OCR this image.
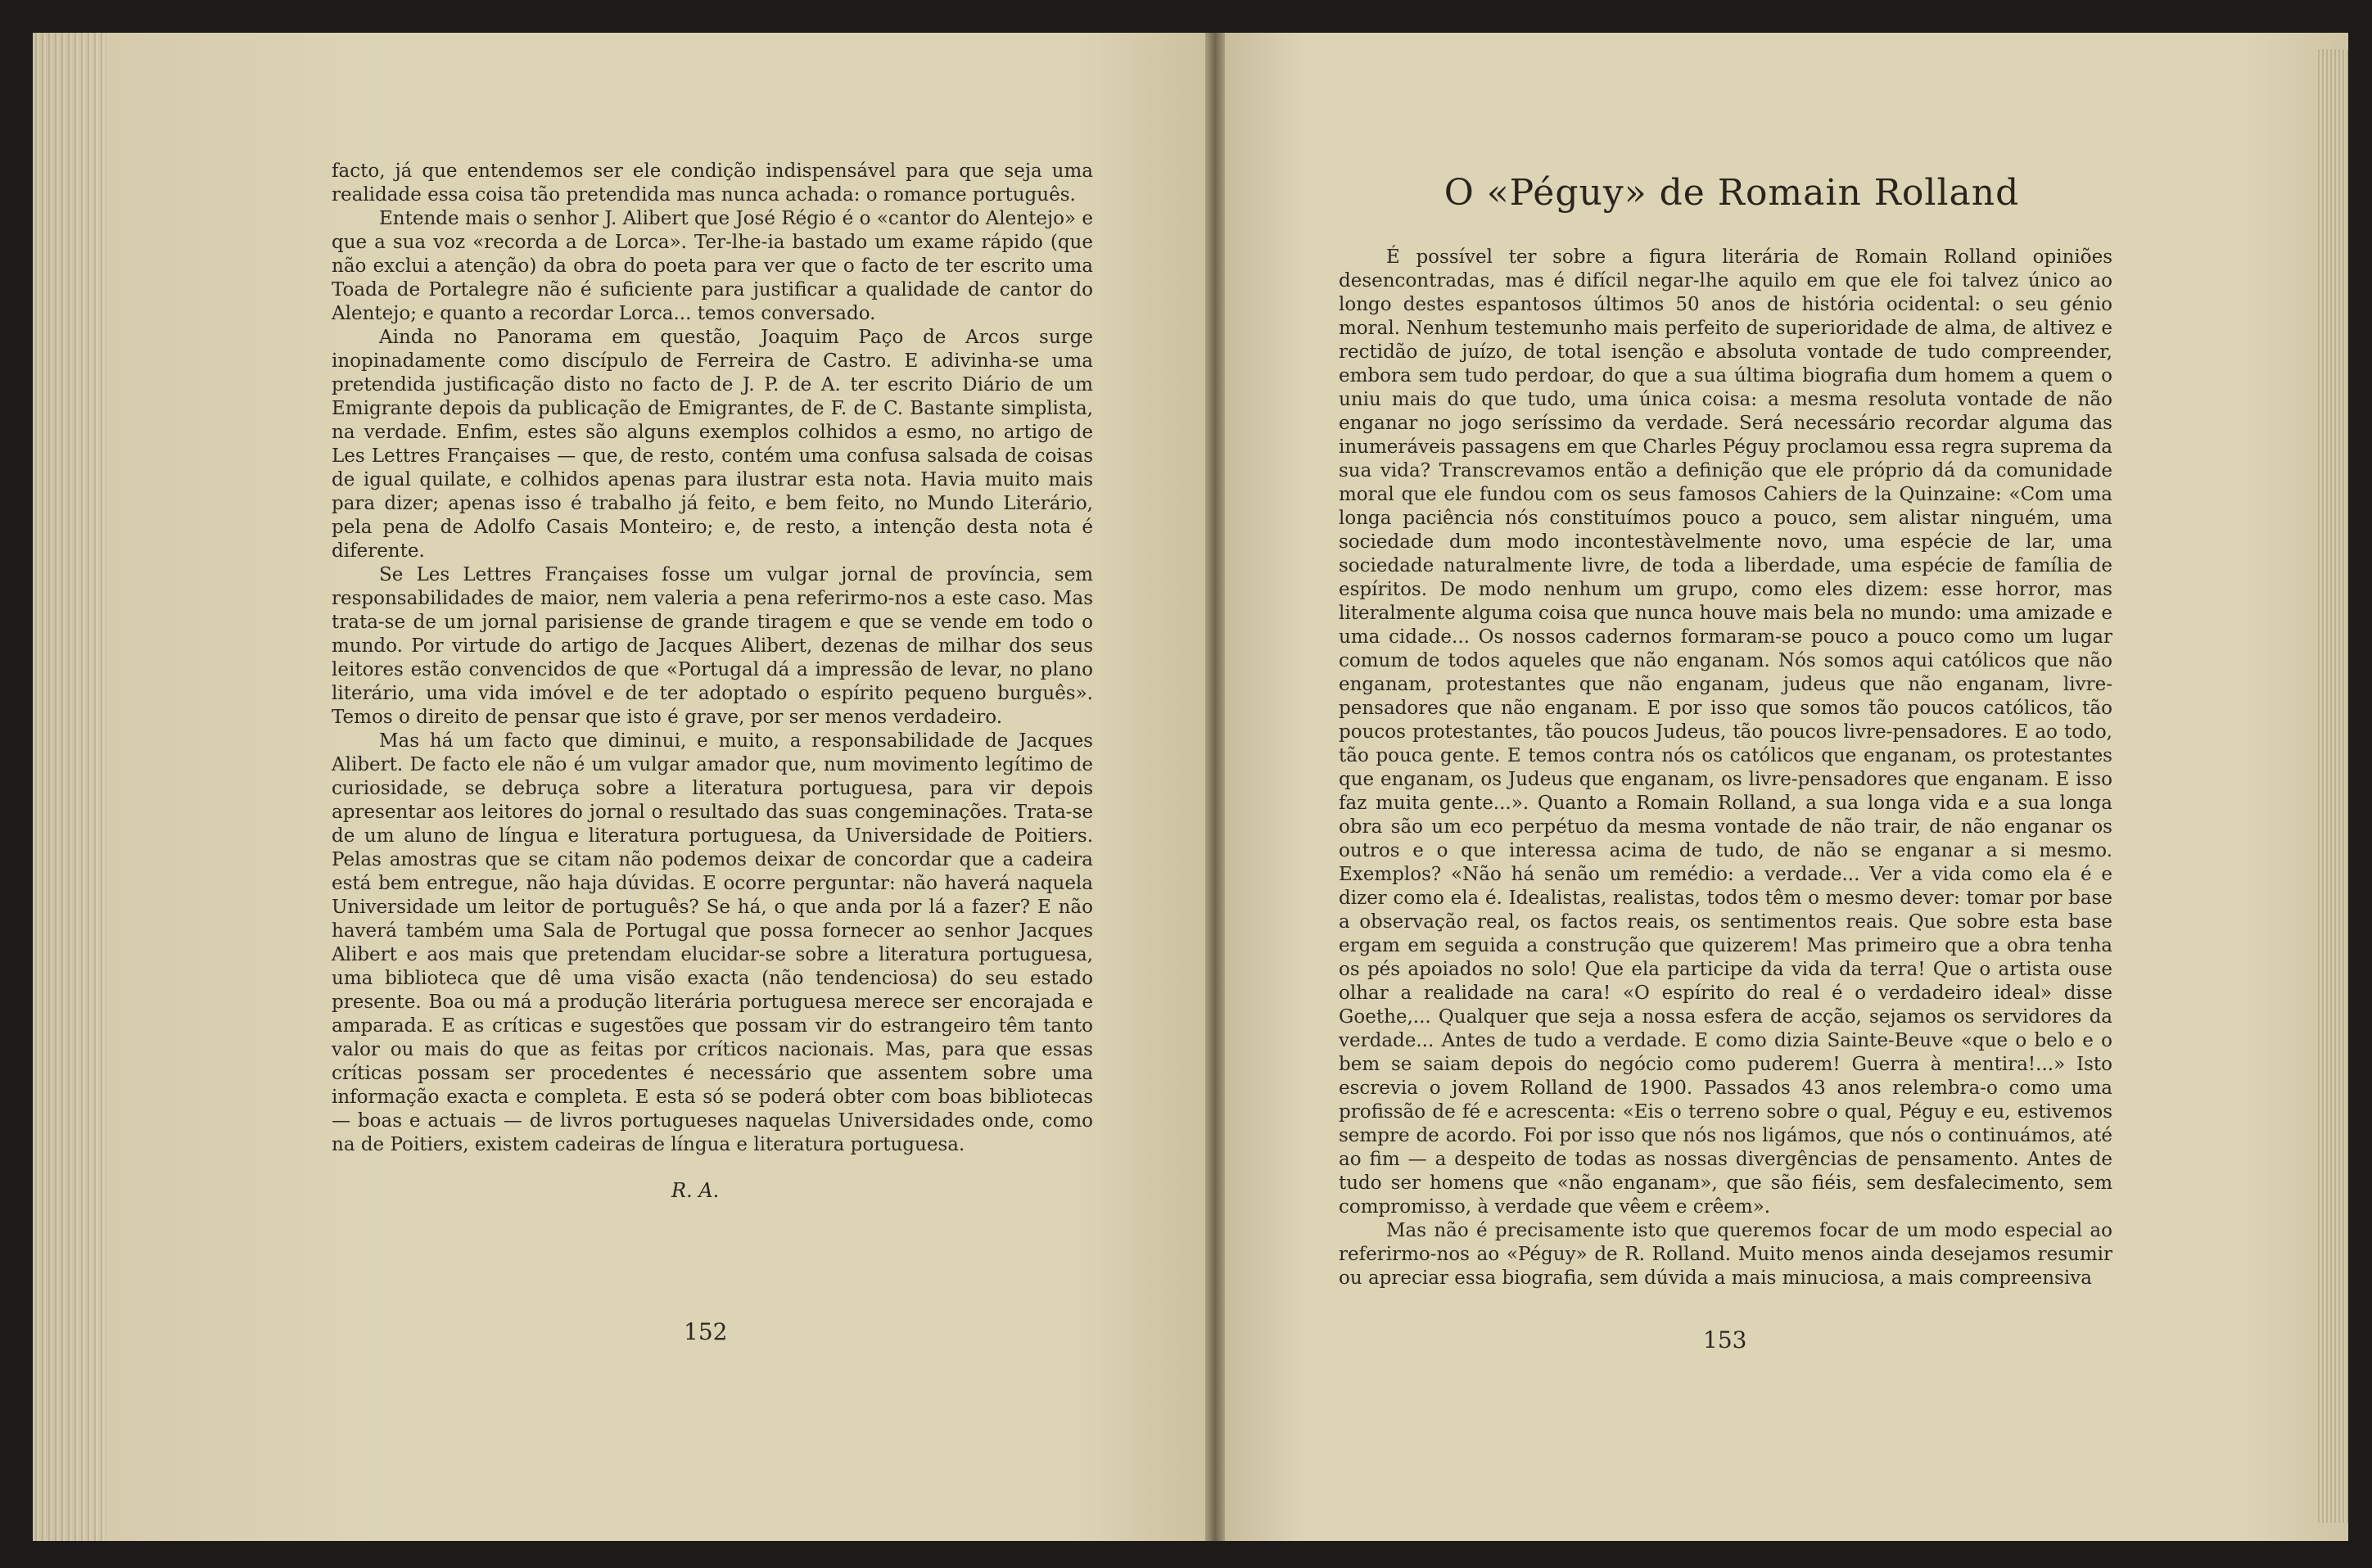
facto, já que entendemos ser ele condição indispensável para que seja uma realidade essa coisa tão pretendida mas nunca achada: o romance português.

Entende mais o senhor J. Alibert que José Régio é o «cantor do Alentejo» e que a sua voz «recorda a de Lorca». Ter-lhe-ia bastado um exame rápido (que não exclui a atenção) da obra do poeta para ver que o facto de ter escrito uma Toada de Portalegre não é suficiente para justificar a qualidade de cantor do Alentejo; e quanto a recordar Lorca... temos conversado.

Ainda no Panorama em questão, Joaquim Paço de Arcos surge inopinadamente como discípulo de Ferreira de Castro. E adivinha-se uma pretendida justificação disto no facto de J. P. de A. ter escrito Diário de um Emigrante depois da publicação de Emigrantes, de F. de C. Bastante simplista, na verdade. Enfim, estes são alguns exemplos colhidos a esmo, no artigo de Les Lettres Françaises — que, de resto, contém uma confusa salsada de coisas de igual quilate, e colhidos apenas para ilustrar esta nota. Havia muito mais para dizer; apenas isso é trabalho já feito, e bem feito, no Mundo Literário, pela pena de Adolfo Casais Monteiro; e, de resto, a intenção desta nota é diferente.

Se Les Lettres Françaises fosse um vulgar jornal de província, sem responsabilidades de maior, nem valeria a pena referirmo-nos a este caso. Mas trata-se de um jornal parisiense de grande tiragem e que se vende em todo o mundo. Por virtude do artigo de Jacques Alibert, dezenas de milhar dos seus leitores estão convencidos de que «Portugal dá a impressão de levar, no plano literário, uma vida imóvel e de ter adoptado o espírito pequeno burguês». Temos o direito de pensar que isto é grave, por ser menos verdadeiro.

Mas há um facto que diminui, e muito, a responsabilidade de Jacques Alibert. De facto ele não é um vulgar amador que, num movimento legítimo de curiosidade, se debruça sobre a literatura portuguesa, para vir depois apresentar aos leitores do jornal o resultado das suas congeminações. Trata-se de um aluno de língua e literatura portuguesa, da Universidade de Poitiers. Pelas amostras que se citam não podemos deixar de concordar que a cadeira está bem entregue, não haja dúvidas. E ocorre perguntar: não haverá naquela Universidade um leitor de português? Se há, o que anda por lá a fazer? E não haverá também uma Sala de Portugal que possa fornecer ao senhor Jacques Alibert e aos mais que pretendam elucidar-se sobre a literatura portuguesa, uma biblioteca que dê uma visão exacta (não tendenciosa) do seu estado presente. Boa ou má a produção literária portuguesa merece ser encorajada e amparada. E as críticas e sugestões que possam vir do estrangeiro têm tanto valor ou mais do que as feitas por críticos nacionais. Mas, para que essas críticas possam ser procedentes é necessário que assentem sobre uma informação exacta e completa. E esta só se poderá obter com boas bibliotecas — boas e actuais — de livros portugueses naquelas Universidades onde, como na de Poitiers, existem cadeiras de língua e literatura portuguesa.

R. A.
152
O «Péguy» de Romain Rolland

É possível ter sobre a figura literária de Romain Rolland opiniões desencontradas, mas é difícil negar-lhe aquilo em que ele foi talvez único ao longo destes espantosos últimos 50 anos de história ocidental: o seu génio moral. Nenhum testemunho mais perfeito de superioridade de alma, de altivez e rectidão de juízo, de total isenção e absoluta vontade de tudo compreender, embora sem tudo perdoar, do que a sua última biografia dum homem a quem o uniu mais do que tudo, uma única coisa: a mesma resoluta vontade de não enganar no jogo seríssimo da verdade. Será necessário recordar alguma das inumeráveis passagens em que Charles Péguy proclamou essa regra suprema da sua vida? Transcrevamos então a definição que ele próprio dá da comunidade moral que ele fundou com os seus famosos Cahiers de la Quinzaine: «Com uma longa paciência nós constituímos pouco a pouco, sem alistar ninguém, uma sociedade dum modo incontestàvelmente novo, uma espécie de lar, uma sociedade naturalmente livre, de toda a liberdade, uma espécie de família de espíritos. De modo nenhum um grupo, como eles dizem: esse horror, mas literalmente alguma coisa que nunca houve mais bela no mundo: uma amizade e uma cidade... Os nossos cadernos formaram-se pouco a pouco como um lugar comum de todos aqueles que não enganam. Nós somos aqui católicos que não enganam, protestantes que não enganam, judeus que não enganam, livre-pensadores que não enganam. E por isso que somos tão poucos católicos, tão poucos protestantes, tão poucos Judeus, tão poucos livre-pensadores. E ao todo, tão pouca gente. E temos contra nós os católicos que enganam, os protestantes que enganam, os Judeus que enganam, os livre-pensadores que enganam. E isso faz muita gente...». Quanto a Romain Rolland, a sua longa vida e a sua longa obra são um eco perpétuo da mesma vontade de não trair, de não enganar os outros e o que interessa acima de tudo, de não se enganar a si mesmo. Exemplos? «Não há senão um remédio: a verdade... Ver a vida como ela é e dizer como ela é. Idealistas, realistas, todos têm o mesmo dever: tomar por base a observação real, os factos reais, os sentimentos reais. Que sobre esta base ergam em seguida a construção que quizerem! Mas primeiro que a obra tenha os pés apoiados no solo! Que ela participe da vida da terra! Que o artista ouse olhar a realidade na cara! «O espírito do real é o verdadeiro ideal» disse Goethe,... Qualquer que seja a nossa esfera de acção, sejamos os servidores da verdade... Antes de tudo a verdade. E como dizia Sainte-Beuve «que o belo e o bem se saiam depois do negócio como puderem! Guerra à mentira!...» Isto escrevia o jovem Rolland de 1900. Passados 43 anos relembra-o como uma profissão de fé e acrescenta: «Eis o terreno sobre o qual, Péguy e eu, estivemos sempre de acordo. Foi por isso que nós nos ligámos, que nós o continuámos, até ao fim — a despeito de todas as nossas divergências de pensamento. Antes de tudo ser homens que «não enganam», que são fiéis, sem desfalecimento, sem compromisso, à verdade que vêem e crêem».

Mas não é precisamente isto que queremos focar de um modo especial ao referirmo-nos ao «Péguy» de R. Rolland. Muito menos ainda desejamos resumir ou apreciar essa biografia, sem dúvida a mais minuciosa, a mais compreensiva

153
